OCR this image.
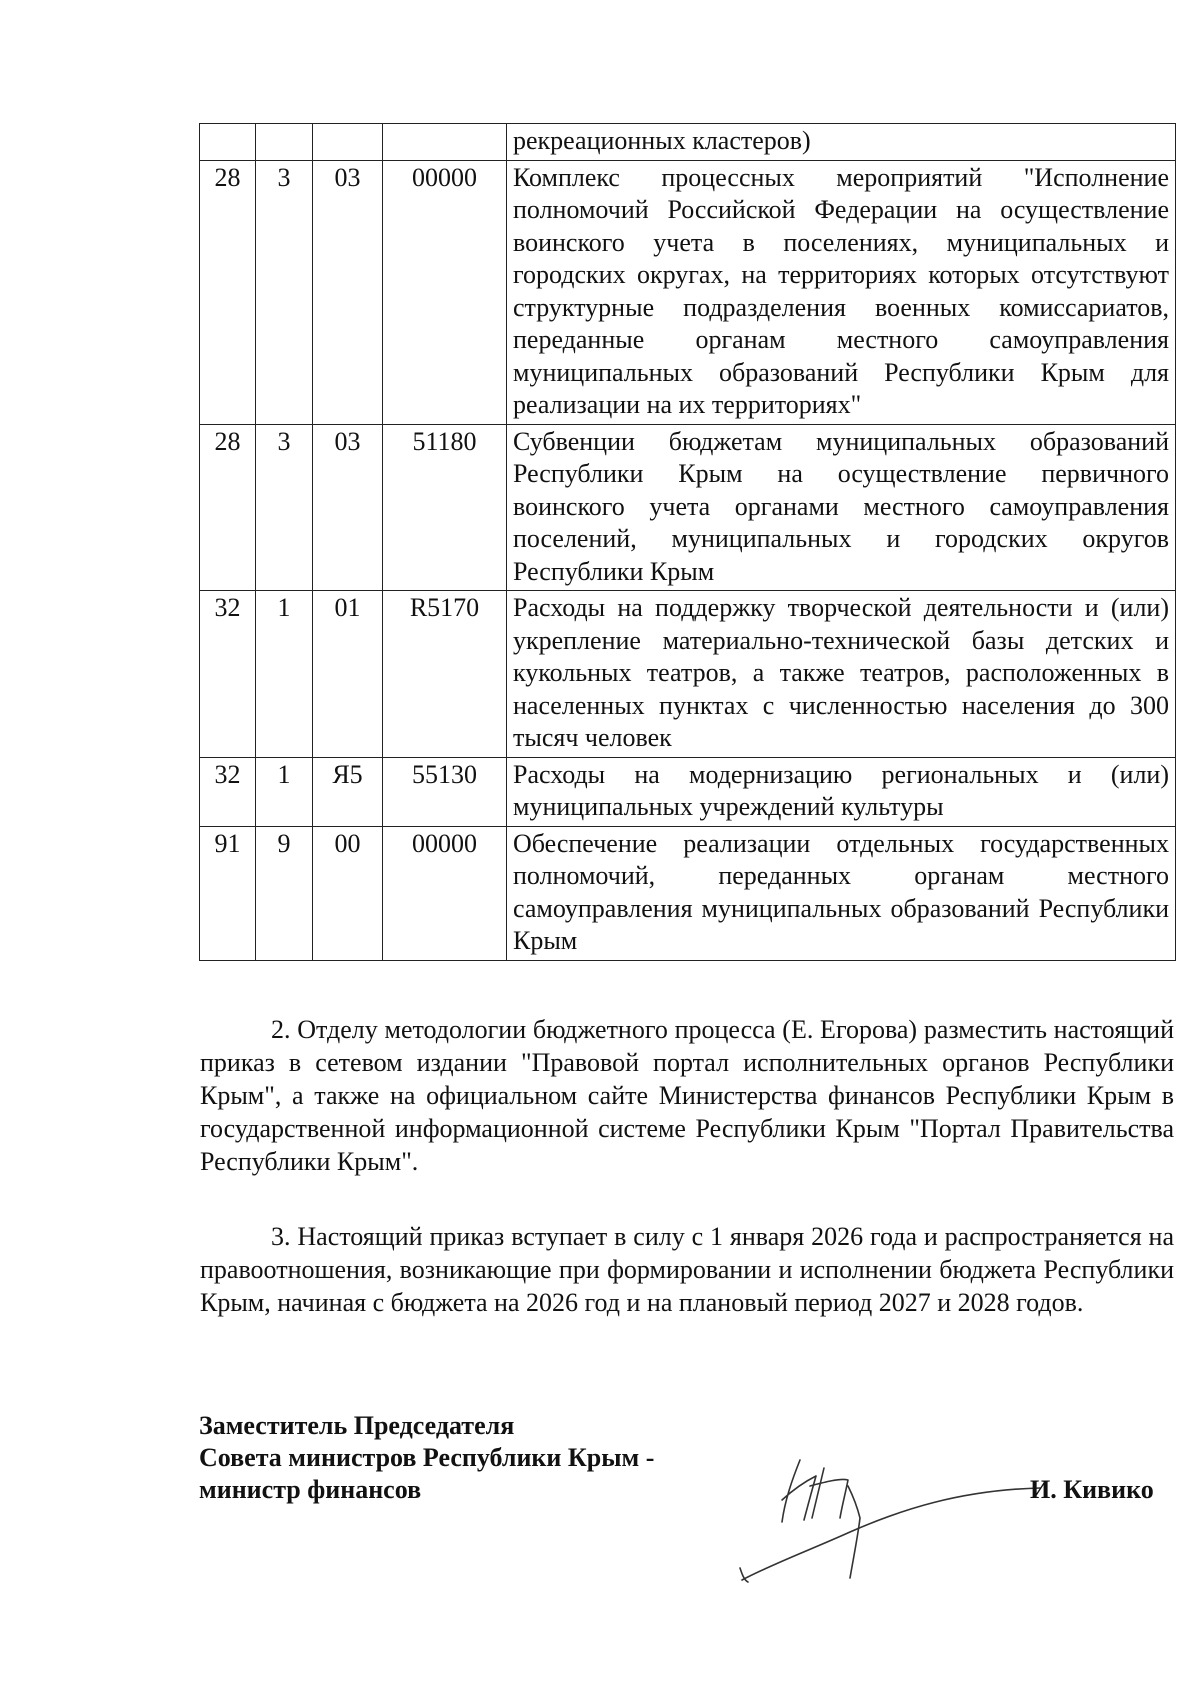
				рекреационных кластеров)
28	3	03	00000	Комплекс процессных мероприятий "Исполнение полномочий Российской Федерации на осуществление воинского учета в поселениях, муниципальных и городских округах, на территориях которых отсутствуют структурные подразделения военных комиссариатов, переданные органам местного самоуправления муниципальных образований Республики Крым для реализации на их территориях"
28	3	03	51180	Субвенции бюджетам муниципальных образований Республики Крым на осуществление первичного воинского учета органами местного самоуправления поселений, муниципальных и городских округов Республики Крым
32	1	01	R5170	Расходы на поддержку творческой деятельности и (или) укрепление материально-технической базы детских и кукольных театров, а также театров, расположенных в населенных пунктах с численностью населения до 300 тысяч человек
32	1	Я5	55130	Расходы на модернизацию региональных и (или) муниципальных учреждений культуры
91	9	00	00000	Обеспечение реализации отдельных государственных полномочий, переданных органам местного самоуправления муниципальных образований Республики Крым

2. Отделу методологии бюджетного процесса (Е. Егорова) разместить настоящий приказ в сетевом издании "Правовой портал исполнительных органов Республики Крым", а также на официальном сайте Министерства финансов Республики Крым в государственной информационной системе Республики Крым "Портал Правительства Республики Крым".

3. Настоящий приказ вступает в силу с 1 января 2026 года и распространяется на правоотношения, возникающие при формировании и исполнении бюджета Республики Крым, начиная с бюджета на 2026 год и на плановый период 2027 и 2028 годов.

Заместитель Председателя
Совета министров Республики Крым -
министр финансов	И. Кивико
